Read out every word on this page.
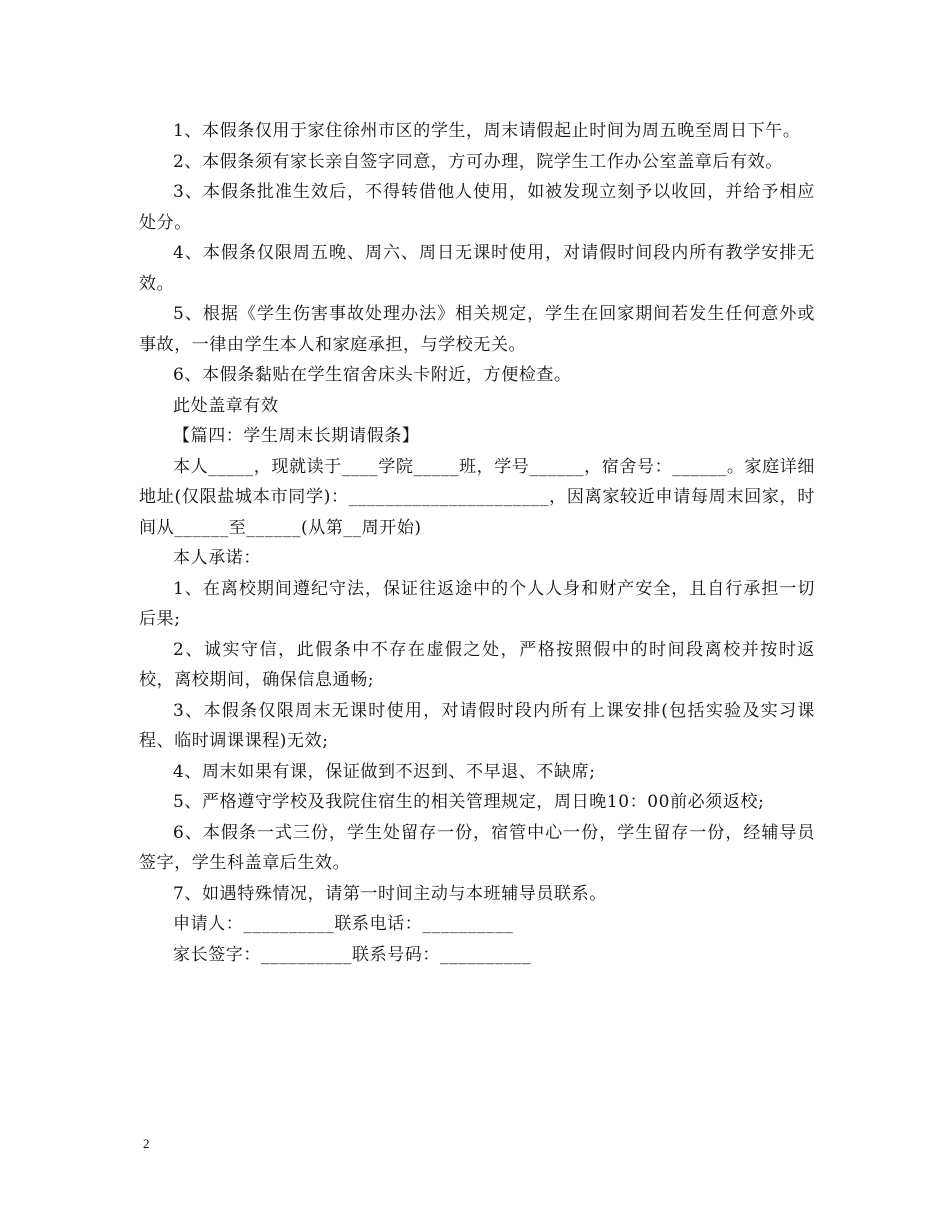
1、本假条仅用于家住徐州市区的学生，周末请假起止时间为周五晚至周日下午。

2、本假条须有家长亲自签字同意，方可办理，院学生工作办公室盖章后有效。

3、本假条批准生效后，不得转借他人使用，如被发现立刻予以收回，并给予相应处分。

4、本假条仅限周五晚、周六、周日无课时使用，对请假时间段内所有教学安排无效。

5、根据《学生伤害事故处理办法》相关规定，学生在回家期间若发生任何意外或事故，一律由学生本人和家庭承担，与学校无关。

6、本假条黏贴在学生宿舍床头卡附近，方便检查。

此处盖章有效

【篇四：学生周末长期请假条】

本人_____，现就读于____学院_____班，学号______，宿舍号：______。家庭详细地址(仅限盐城本市同学)：______________________，因离家较近申请每周末回家，时间从______至______(从第__周开始)

本人承诺：

1、在离校期间遵纪守法，保证往返途中的个人人身和财产安全，且自行承担一切后果;

2、诚实守信，此假条中不存在虚假之处，严格按照假中的时间段离校并按时返校，离校期间，确保信息通畅;

3、本假条仅限周末无课时使用，对请假时段内所有上课安排(包括实验及实习课程、临时调课课程)无效;

4、周末如果有课，保证做到不迟到、不早退、不缺席;

5、严格遵守学校及我院住宿生的相关管理规定，周日晚10：00前必须返校;

6、本假条一式三份，学生处留存一份，宿管中心一份，学生留存一份，经辅导员签字，学生科盖章后生效。

7、如遇特殊情况，请第一时间主动与本班辅导员联系。

申请人：__________联系电话：__________

家长签字：__________联系号码：__________

2
